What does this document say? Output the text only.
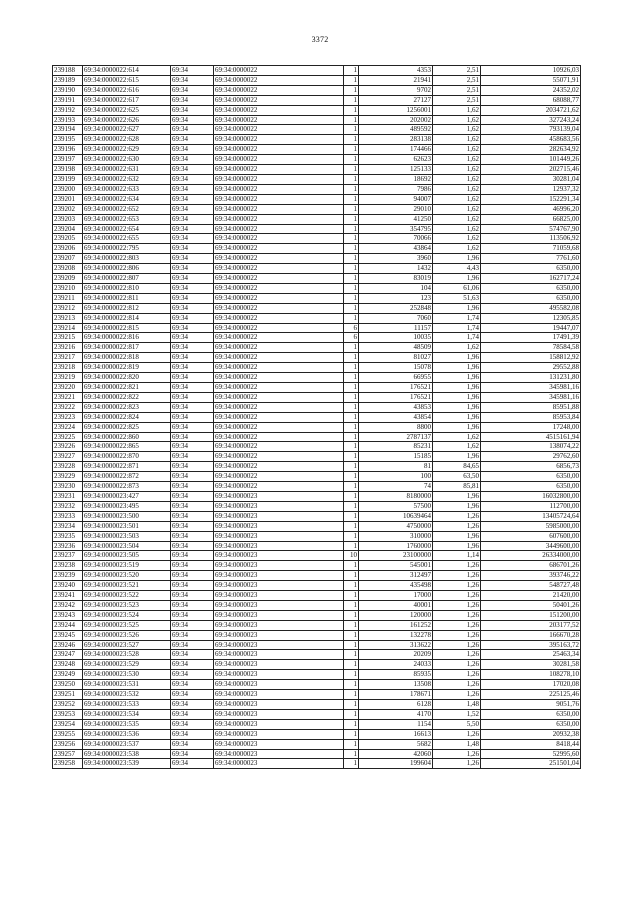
3372
239188	69:34:0000022:614	69:34	69:34:0000022	1	4353	2,51	10926,03
239189	69:34:0000022:615	69:34	69:34:0000022	1	21941	2,51	55071,91
239190	69:34:0000022:616	69:34	69:34:0000022	1	9702	2,51	24352,02
239191	69:34:0000022:617	69:34	69:34:0000022	1	27127	2,51	68088,77
239192	69:34:0000022:625	69:34	69:34:0000022	1	1256001	1,62	2034721,62
239193	69:34:0000022:626	69:34	69:34:0000022	1	202002	1,62	327243,24
239194	69:34:0000022:627	69:34	69:34:0000022	1	489592	1,62	793139,04
239195	69:34:0000022:628	69:34	69:34:0000022	1	283138	1,62	458683,56
239196	69:34:0000022:629	69:34	69:34:0000022	1	174466	1,62	282634,92
239197	69:34:0000022:630	69:34	69:34:0000022	1	62623	1,62	101449,26
239198	69:34:0000022:631	69:34	69:34:0000022	1	125133	1,62	202715,46
239199	69:34:0000022:632	69:34	69:34:0000022	1	18692	1,62	30281,04
239200	69:34:0000022:633	69:34	69:34:0000022	1	7986	1,62	12937,32
239201	69:34:0000022:634	69:34	69:34:0000022	1	94007	1,62	152291,34
239202	69:34:0000022:652	69:34	69:34:0000022	1	29010	1,62	46996,20
239203	69:34:0000022:653	69:34	69:34:0000022	1	41250	1,62	66825,00
239204	69:34:0000022:654	69:34	69:34:0000022	1	354795	1,62	574767,90
239205	69:34:0000022:655	69:34	69:34:0000022	1	70066	1,62	113506,92
239206	69:34:0000022:795	69:34	69:34:0000022	1	43864	1,62	71059,68
239207	69:34:0000022:803	69:34	69:34:0000022	1	3960	1,96	7761,60
239208	69:34:0000022:806	69:34	69:34:0000022	1	1432	4,43	6350,00
239209	69:34:0000022:807	69:34	69:34:0000022	1	83019	1,96	162717,24
239210	69:34:0000022:810	69:34	69:34:0000022	1	104	61,06	6350,00
239211	69:34:0000022:811	69:34	69:34:0000022	1	123	51,63	6350,00
239212	69:34:0000022:812	69:34	69:34:0000022	1	252848	1,96	495582,08
239213	69:34:0000022:814	69:34	69:34:0000022	1	7060	1,74	12305,85
239214	69:34:0000022:815	69:34	69:34:0000022	6	11157	1,74	19447,07
239215	69:34:0000022:816	69:34	69:34:0000022	6	10035	1,74	17491,39
239216	69:34:0000022:817	69:34	69:34:0000022	1	48509	1,62	78584,58
239217	69:34:0000022:818	69:34	69:34:0000022	1	81027	1,96	158812,92
239218	69:34:0000022:819	69:34	69:34:0000022	1	15078	1,96	29552,88
239219	69:34:0000022:820	69:34	69:34:0000022	1	66955	1,96	131231,80
239220	69:34:0000022:821	69:34	69:34:0000022	1	176521	1,96	345981,16
239221	69:34:0000022:822	69:34	69:34:0000022	1	176521	1,96	345981,16
239222	69:34:0000022:823	69:34	69:34:0000022	1	43853	1,96	85951,88
239223	69:34:0000022:824	69:34	69:34:0000022	1	43854	1,96	85953,84
239224	69:34:0000022:825	69:34	69:34:0000022	1	8800	1,96	17248,00
239225	69:34:0000022:860	69:34	69:34:0000022	1	2787137	1,62	4515161,94
239226	69:34:0000022:865	69:34	69:34:0000022	1	85231	1,62	138074,22
239227	69:34:0000022:870	69:34	69:34:0000022	1	15185	1,96	29762,60
239228	69:34:0000022:871	69:34	69:34:0000022	1	81	84,65	6856,73
239229	69:34:0000022:872	69:34	69:34:0000022	1	100	63,50	6350,00
239230	69:34:0000022:873	69:34	69:34:0000022	1	74	85,81	6350,00
239231	69:34:0000023:427	69:34	69:34:0000023	1	8180000	1,96	16032800,00
239232	69:34:0000023:495	69:34	69:34:0000023	1	57500	1,96	112700,00
239233	69:34:0000023:500	69:34	69:34:0000023	1	10639464	1,26	13405724,64
239234	69:34:0000023:501	69:34	69:34:0000023	1	4750000	1,26	5985000,00
239235	69:34:0000023:503	69:34	69:34:0000023	1	310000	1,96	607600,00
239236	69:34:0000023:504	69:34	69:34:0000023	1	1760000	1,96	3449600,00
239237	69:34:0000023:505	69:34	69:34:0000023	10	23100000	1,14	26334000,00
239238	69:34:0000023:519	69:34	69:34:0000023	1	545001	1,26	686701,26
239239	69:34:0000023:520	69:34	69:34:0000023	1	312497	1,26	393746,22
239240	69:34:0000023:521	69:34	69:34:0000023	1	435498	1,26	548727,48
239241	69:34:0000023:522	69:34	69:34:0000023	1	17000	1,26	21420,00
239242	69:34:0000023:523	69:34	69:34:0000023	1	40001	1,26	50401,26
239243	69:34:0000023:524	69:34	69:34:0000023	1	120000	1,26	151200,00
239244	69:34:0000023:525	69:34	69:34:0000023	1	161252	1,26	203177,52
239245	69:34:0000023:526	69:34	69:34:0000023	1	132278	1,26	166670,28
239246	69:34:0000023:527	69:34	69:34:0000023	1	313622	1,26	395163,72
239247	69:34:0000023:528	69:34	69:34:0000023	1	20209	1,26	25463,34
239248	69:34:0000023:529	69:34	69:34:0000023	1	24033	1,26	30281,58
239249	69:34:0000023:530	69:34	69:34:0000023	1	85935	1,26	108278,10
239250	69:34:0000023:531	69:34	69:34:0000023	1	13508	1,26	17020,08
239251	69:34:0000023:532	69:34	69:34:0000023	1	178671	1,26	225125,46
239252	69:34:0000023:533	69:34	69:34:0000023	1	6128	1,48	9051,76
239253	69:34:0000023:534	69:34	69:34:0000023	1	4170	1,52	6350,00
239254	69:34:0000023:535	69:34	69:34:0000023	1	1154	5,50	6350,00
239255	69:34:0000023:536	69:34	69:34:0000023	1	16613	1,26	20932,38
239256	69:34:0000023:537	69:34	69:34:0000023	1	5682	1,48	8418,44
239257	69:34:0000023:538	69:34	69:34:0000023	1	42060	1,26	52995,60
239258	69:34:0000023:539	69:34	69:34:0000023	1	199604	1,26	251501,04
